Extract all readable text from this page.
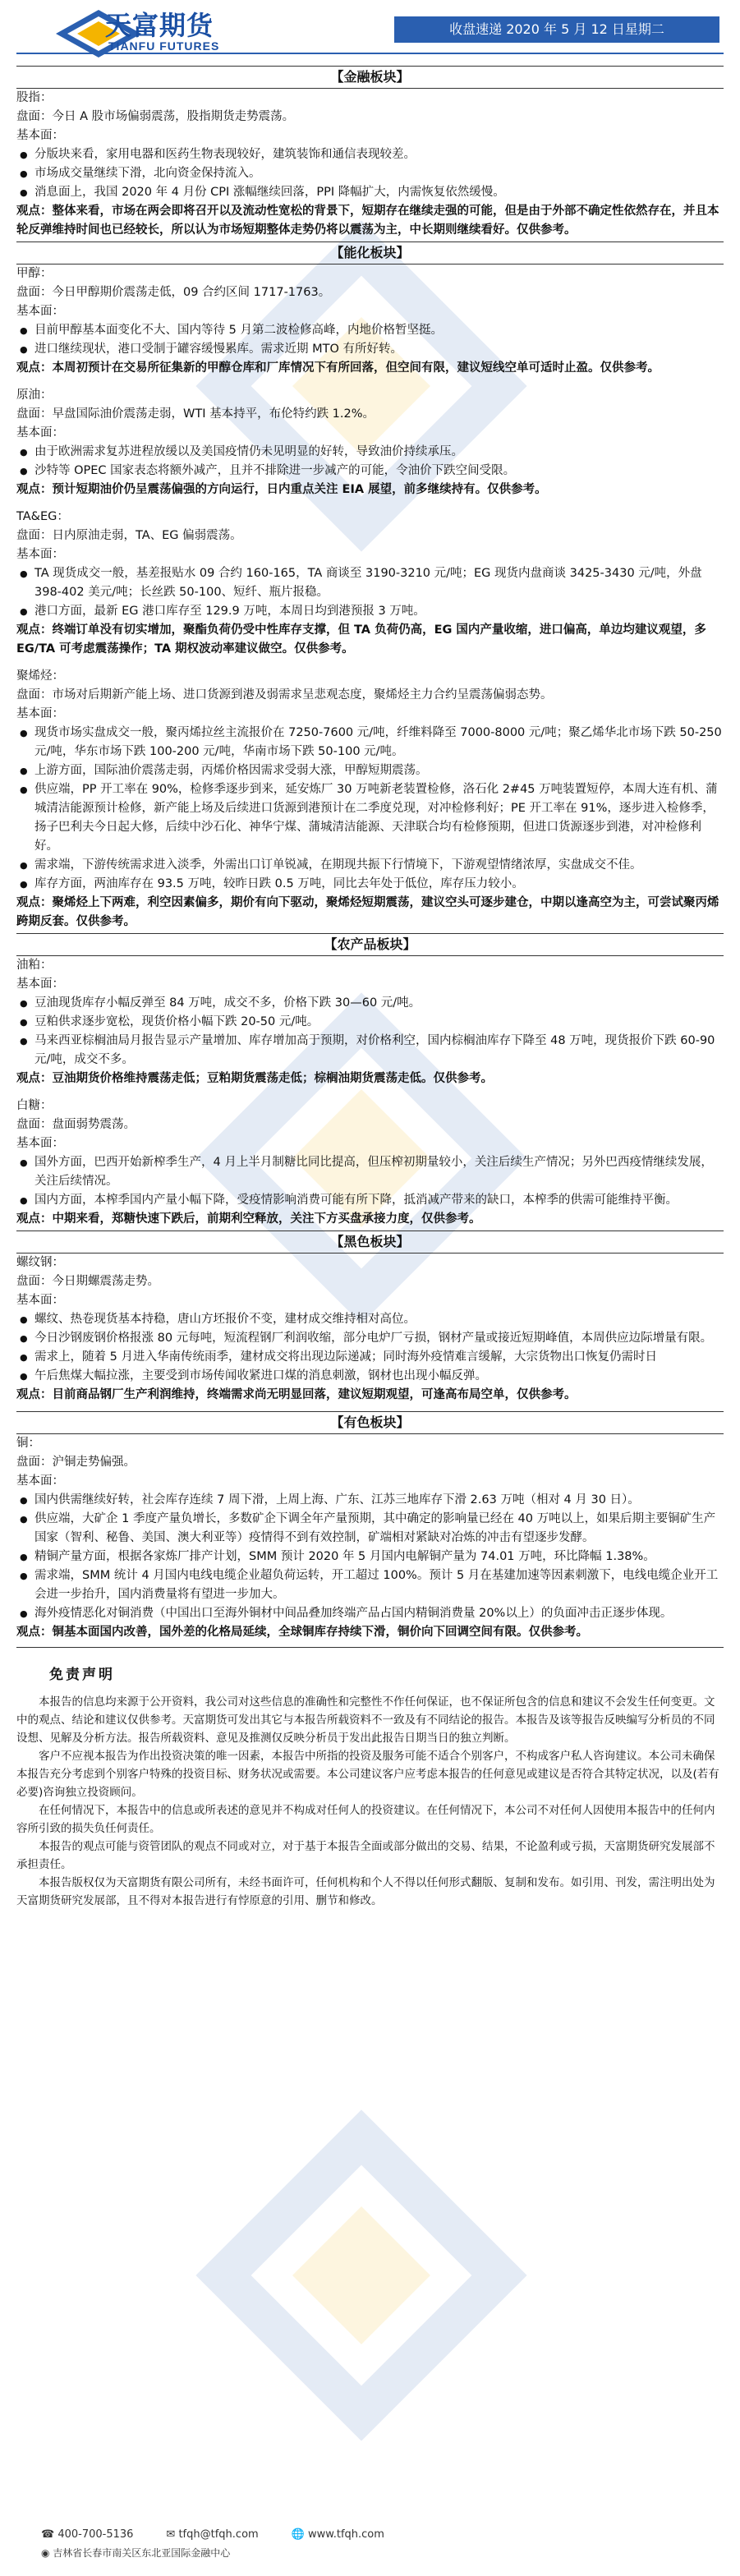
天富期货
TIANFU FUTURES
收盘速递 2020 年 5 月 12 日星期二
【金融板块】
股指：
盘面：今日 A 股市场偏弱震荡，股指期货走势震荡。
基本面：
● 分版块来看，家用电器和医药生物表现较好，建筑装饰和通信表现较差。
● 市场成交量继续下滑，北向资金保持流入。
● 消息面上，我国 2020 年 4 月份 CPI 涨幅继续回落，PPI 降幅扩大，内需恢复依然缓慢。
观点：整体来看，市场在两会即将召开以及流动性宽松的背景下，短期存在继续走强的可能，但是由于外部不确定性依然存在，并且本轮反弹维持时间也已经较长，所以认为市场短期整体走势仍将以震荡为主，中长期则继续看好。仅供参考。
【能化板块】
甲醇：
盘面：今日甲醇期价震荡走低，09 合约区间 1717-1763。
基本面：
● 目前甲醇基本面变化不大、国内等待 5 月第二波检修高峰，内地价格暂坚挺。
● 进口继续现状，港口受制于罐容缓慢累库。需求近期 MTO 有所好转。
观点：本周初预计在交易所征集新的甲醇仓库和厂库情况下有所回落，但空间有限，建议短线空单可适时止盈。仅供参考。
原油：
盘面：早盘国际油价震荡走弱，WTI 基本持平，布伦特约跌 1.2%。
基本面：
● 由于欧洲需求复苏进程放缓以及美国疫情仍未见明显的好转，导致油价持续承压。
● 沙特等 OPEC 国家表态将额外减产，且并不排除进一步减产的可能，令油价下跌空间受限。
观点：预计短期油价仍呈震荡偏强的方向运行，日内重点关注 EIA 展望，前多继续持有。仅供参考。
TA&EG：
盘面：日内原油走弱，TA、EG 偏弱震荡。
基本面：
● TA 现货成交一般，基差报贴水 09 合约 160-165，TA 商谈至 3190-3210 元/吨；EG 现货内盘商谈 3425-3430 元/吨，外盘 398-402 美元/吨；长丝跌 50-100、短纤、瓶片报稳。
● 港口方面，最新 EG 港口库存至 129.9 万吨，本周日均到港预报 3 万吨。
观点：终端订单没有切实增加，聚酯负荷仍受中性库存支撑，但 TA 负荷仍高，EG 国内产量收缩，进口偏高，单边均建议观望，多 EG/TA 可考虑震荡操作；TA 期权波动率建议做空。仅供参考。
聚烯烃：
盘面：市场对后期新产能上场、进口货源到港及弱需求呈悲观态度，聚烯烃主力合约呈震荡偏弱态势。
基本面：
● 现货市场实盘成交一般，聚丙烯拉丝主流报价在 7250-7600 元/吨，纤维料降至 7000-8000 元/吨；聚乙烯华北市场下跌 50-250 元/吨，华东市场下跌 100-200 元/吨，华南市场下跌 50-100 元/吨。
● 上游方面，国际油价震荡走弱，丙烯价格因需求受弱大涨，甲醇短期震荡。
● 供应端，PP 开工率在 90%，检修季逐步到来，延安炼厂 30 万吨新老装置检修，洛石化 2#45 万吨装置短停，本周大连有机、蒲城清洁能源预计检修，新产能上场及后续进口货源到港预计在二季度兑现，对冲检修利好；PE 开工率在 91%，逐步进入检修季，扬子巴利夫今日起大修，后续中沙石化、神华宁煤、蒲城清洁能源、天津联合均有检修预期，但进口货源逐步到港，对冲检修利好。
● 需求端，下游传统需求进入淡季，外需出口订单锐减，在期现共振下行情境下，下游观望情绪浓厚，实盘成交不佳。
● 库存方面，两油库存在 93.5 万吨，较昨日跌 0.5 万吨，同比去年处于低位，库存压力较小。
观点：聚烯烃上下两难，利空因素偏多，期价有向下驱动，聚烯烃短期震荡，建议空头可逐步建仓，中期以逢高空为主，可尝试聚丙烯跨期反套。仅供参考。
【农产品板块】
油粕：
基本面：
● 豆油现货库存小幅反弹至 84 万吨，成交不多，价格下跌 30—60 元/吨。
● 豆粕供求逐步宽松，现货价格小幅下跌 20-50 元/吨。
● 马来西亚棕榈油局月报告显示产量增加、库存增加高于预期，对价格利空，国内棕榈油库存下降至 48 万吨，现货报价下跌 60-90 元/吨，成交不多。
观点：豆油期货价格维持震荡走低；豆粕期货震荡走低；棕榈油期货震荡走低。仅供参考。
白糖：
盘面：盘面弱势震荡。
基本面：
● 国外方面，巴西开始新榨季生产，4 月上半月制糖比同比提高，但压榨初期量较小，关注后续生产情况；另外巴西疫情继续发展，关注后续情况。
● 国内方面，本榨季国内产量小幅下降，受疫情影响消费可能有所下降，抵消减产带来的缺口，本榨季的供需可能维持平衡。
观点：中期来看，郑糖快速下跌后，前期利空释放，关注下方买盘承接力度，仅供参考。
【黑色板块】
螺纹钢：
盘面：今日期螺震荡走势。
基本面：
● 螺纹、热卷现货基本持稳，唐山方坯报价不变，建材成交维持相对高位。
● 今日沙钢废钢价格报涨 80 元每吨，短流程钢厂利润收缩，部分电炉厂亏损，钢材产量或接近短期峰值，本周供应边际增量有限。
● 需求上，随着 5 月进入华南传统雨季，建材成交将出现边际递减；同时海外疫情难言缓解，大宗货物出口恢复仍需时日
● 午后焦煤大幅拉涨，主要受到市场传闻收紧进口煤的消息刺激，钢材也出现小幅反弹。
观点：目前商品钢厂生产利润维持，终端需求尚无明显回落，建议短期观望，可逢高布局空单，仅供参考。
【有色板块】
铜：
盘面：沪铜走势偏强。
基本面：
● 国内供需继续好转，社会库存连续 7 周下滑，上周上海、广东、江苏三地库存下滑 2.63 万吨（相对 4 月 30 日）。
● 供应端，大矿企 1 季度产量负增长，多数矿企下调全年产量预期，其中确定的影响量已经在 40 万吨以上，如果后期主要铜矿生产国家（智利、秘鲁、美国、澳大利亚等）疫情得不到有效控制，矿端相对紧缺对冶炼的冲击有望逐步发酵。
● 精铜产量方面，根据各家炼厂排产计划，SMM 预计 2020 年 5 月国内电解铜产量为 74.01 万吨，环比降幅 1.38%。
● 需求端，SMM 统计 4 月国内电线电缆企业超负荷运转，开工超过 100%。预计 5 月在基建加速等因素刺激下，电线电缆企业开工会进一步抬升，国内消费量将有望进一步加大。
● 海外疫情恶化对铜消费（中国出口至海外铜材中间品叠加终端产品占国内精铜消费量 20%以上）的负面冲击正逐步体现。
观点：铜基本面国内改善，国外差的化格局延续，全球铜库存持续下滑，铜价向下回调空间有限。仅供参考。
免责声明

本报告的信息均来源于公开资料，我公司对这些信息的准确性和完整性不作任何保证，也不保证所包含的信息和建议不会发生任何变更。文中的观点、结论和建议仅供参考。天富期货可发出其它与本报告所载资料不一致及有不同结论的报告。本报告及该等报告反映编写分析员的不同设想、见解及分析方法。报告所载资料、意见及推测仅反映分析员于发出此报告日期当日的独立判断。

客户不应视本报告为作出投资决策的唯一因素，本报告中所指的投资及服务可能不适合个别客户，不构成客户私人咨询建议。本公司未确保本报告充分考虑到个别客户特殊的投资目标、财务状况或需要。本公司建议客户应考虑本报告的任何意见或建议是否符合其特定状况，以及(若有必要)咨询独立投资顾问。

在任何情况下，本报告中的信息或所表述的意见并不构成对任何人的投资建议。在任何情况下，本公司不对任何人因使用本报告中的任何内容所引致的损失负任何责任。

本报告的观点可能与资管团队的观点不同或对立，对于基于本报告全面或部分做出的交易、结果，不论盈利或亏损，天富期货研究发展部不承担责任。

本报告版权仅为天富期货有限公司所有，未经书面许可，任何机构和个人不得以任何形式翻版、复制和发布。如引用、刊发，需注明出处为天富期货研究发展部，且不得对本报告进行有悖原意的引用、删节和修改。

☎ 400-700-5136	✉ tfqh@tfqh.com	🌐 www.tfqh.com
◉ 吉林省长春市南关区东北亚国际金融中心
